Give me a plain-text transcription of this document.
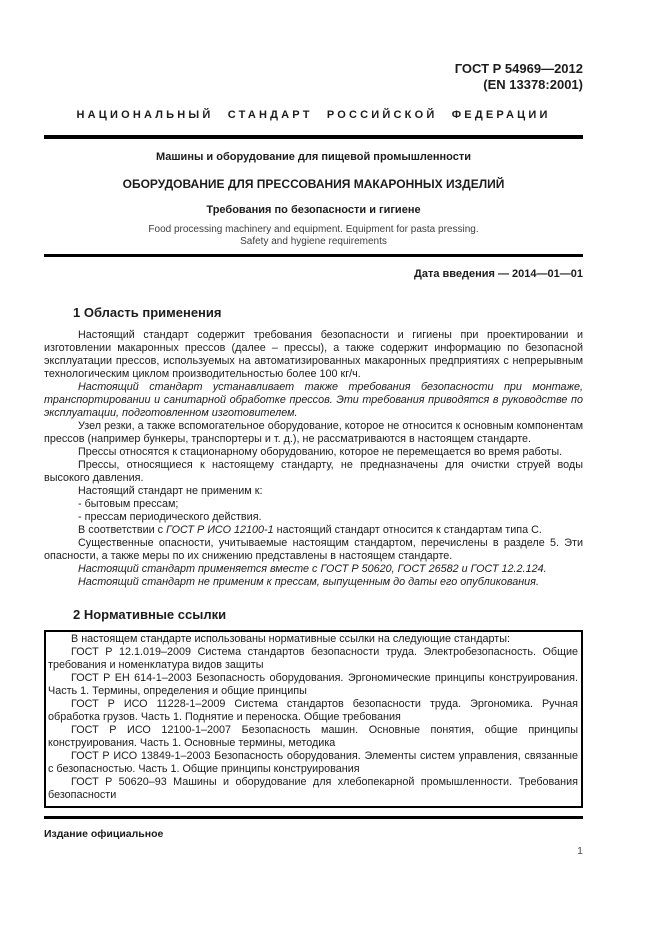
ГОСТ Р 54969—2012
(EN 13378:2001)
НАЦИОНАЛЬНЫЙ СТАНДАРТ РОССИЙСКОЙ ФЕДЕРАЦИИ
Машины и оборудование для пищевой промышленности
ОБОРУДОВАНИЕ ДЛЯ ПРЕССОВАНИЯ МАКАРОННЫХ ИЗДЕЛИЙ
Требования по безопасности и гигиене
Food processing machinery and equipment. Equipment for pasta pressing.
Safety and hygiene requirements
Дата введения — 2014—01—01
1 Область применения

Настоящий стандарт содержит требования безопасности и гигиены при проектировании и изготовлении макаронных прессов (далее – прессы), а также содержит информацию по безопасной эксплуатации прессов, используемых на автоматизированных макаронных предприятиях с непрерывным технологическим циклом производительностью более 100 кг/ч.

Настоящий стандарт устанавливает также требования безопасности при монтаже, транспортировании и санитарной обработке прессов. Эти требования приводятся в руководстве по эксплуатации, подготовленном изготовителем.

Узел резки, а также вспомогательное оборудование, которое не относится к основным компонентам прессов (например бункеры, транспортеры и т. д.), не рассматриваются в настоящем стандарте.

Прессы относятся к стационарному оборудованию, которое не перемещается во время работы.

Прессы, относящиеся к настоящему стандарту, не предназначены для очистки струей воды высокого давления.

Настоящий стандарт не применим к:

- бытовым прессам;

- прессам периодического действия.

В соответствии с ГОСТ Р ИСО 12100-1 настоящий стандарт относится к стандартам типа С.

Существенные опасности, учитываемые настоящим стандартом, перечислены в разделе 5. Эти опасности, а также меры по их снижению представлены в настоящем стандарте.

Настоящий стандарт применяется вместе с ГОСТ Р 50620, ГОСТ 26582 и ГОСТ 12.2.124.

Настоящий стандарт не применим к прессам, выпущенным до даты его опубликования.

2 Нормативные ссылки

В настоящем стандарте использованы нормативные ссылки на следующие стандарты:

ГОСТ Р 12.1.019–2009 Система стандартов безопасности труда. Электробезопасность. Общие требования и номенклатура видов защиты

ГОСТ Р ЕН 614-1–2003 Безопасность оборудования. Эргономические принципы конструирования. Часть 1. Термины, определения и общие принципы

ГОСТ Р ИСО 11228-1–2009 Система стандартов безопасности труда. Эргономика. Ручная обработка грузов. Часть 1. Поднятие и переноска. Общие требования

ГОСТ Р ИСО 12100-1–2007 Безопасность машин. Основные понятия, общие принципы конструирования. Часть 1. Основные термины, методика

ГОСТ Р ИСО 13849-1–2003 Безопасность оборудования. Элементы систем управления, связанные с безопасностью. Часть 1. Общие принципы конструирования

ГОСТ Р 50620–93 Машины и оборудование для хлебопекарной промышленности. Требования безопасности

Издание официальное
1
